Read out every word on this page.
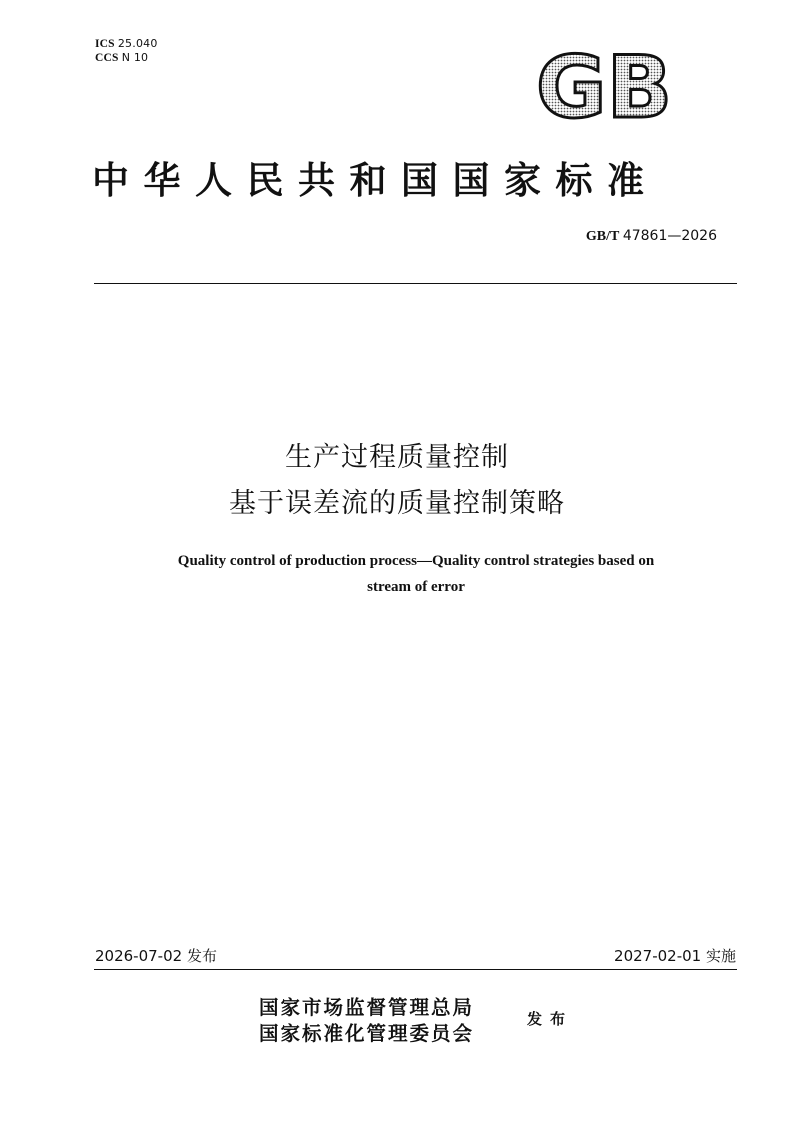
ICS 25.040
CCS N 10	GB
中华人民共和国国家标准
GB/T 47861—2026
生产过程质量控制
基于误差流的质量控制策略
Quality control of production process—Quality control strategies based on
stream of error
2026-07-02 发布	2027-02-01 实施
国家市场监督管理总局
国家标准化管理委员会
发布
